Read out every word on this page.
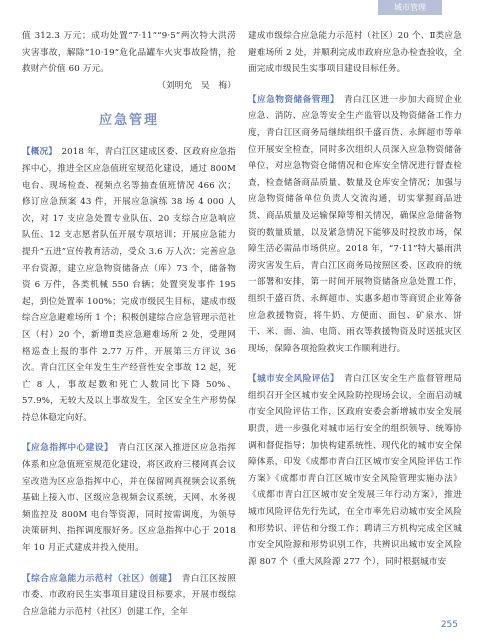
城市管理

值 312.3 万元；成功处置“7·11”“9·5”两次特大洪涝灾害事故，解除“10·19”危化品罐车火灾事故险情，抢救财产价值 60 万元。

（刘明允　吴　梅）

应急管理

【概况】　 2018 年，青白江区建成区委、区政府应急指挥中心，推进全区应急值班室规范化建设，通过 800M 电台、现场检查、视频点名等抽查值班情况 466 次；修订应急预案 43 件，开展应急演练 38 场 4 000 人次，对 17 支应急处置专业队伍、20 支综合应急响应队伍、12 支志愿者队伍开展专项培训；开展应急能力提升“五进”宣传教育活动，受众 3.6 万人次；完善应急平台资源，建立应急物资储备点（库）73 个，储备物资 6 万件，各类机械 550 台辆；处置突发事件 195 起，到位处置率 100%；完成市级民生目标，建成市级综合应急避难场所 1 个；积极创建综合应急管理示范社区（村）20 个，新增Ⅱ类应急避难场所 2 处，受理网格巡查上报的事件 2.77 万件，开展第三方评议 36 次。青白江区全年发生生产经营性安全事故 12 起，死亡 8 人，事故起数和死亡人数同比下降 50%、57.9%，无较大及以上事故发生，全区安全生产形势保持总体稳定向好。

【应急指挥中心建设】　 青白江区深入推进区应急指挥体系和应急值班室规范化建设，将区政府三楼网真会议室改造为区应急指挥中心，并在保留网真视频会议系统基础上接入市、区级应急视频会议系统，天网、水务视频监控及 800M 电台等资源，同时按需调度，为领导决策研判、指挥调度服好务。区应急指挥中心于 2018 年 10 月正式建成并投入使用。

【综合应急能力示范村（社区）创建】　 青白江区按照市委、市政府民生实事项目建设目标要求，开展市级综合应急能力示范村（社区）创建工作，全年

建成市级综合应急能力示范村（社区）20 个、Ⅱ类应急避难场所 2 处，并顺利完成市政府应急办检查验收，全面完成市级民生实事项目建设目标任务。

【应急物资储备管理】　 青白江区进一步加大商贸企业应急、消防、应急等安全生产监管以及物资储备工作力度，青白江区商务局继续组织千盛百货、永辉超市等单位开展安全检查，同时多次组织人员深入应急物资储备单位，对应急物资仓储情况和仓库安全情况进行督查检查，检查储备商品质量、数量及仓库安全情况；加强与应急物资储备单位负责人交流沟通，切实掌握商品进货、商品质量及运输保障等相关情况，确保应急储备物资的数量质量，以及紧急情况下能够及时投放市场，保障生活必需品市场供应。2018 年，“7·11”特大暴雨洪涝灾害发生后，青白江区商务局按照区委、区政府的统一部署和安排，第一时间开展物资储备应急处置工作，组织千盛百货、永辉超市、实惠多超市等商贸企业筹备应急救援物资，将牛奶、方便面、面包、矿泉水、饼干、米、面、油、电筒、雨衣等救援物资及时送抵灾区现场，保障各项抢险救灾工作顺利进行。

【城市安全风险评估】　 青白江区安全生产监督管理局组织召开全区城市安全风险防控现场会议，全面启动城市安全风险评估工作，区政府安委会新增城市安全发展职责，进一步强化对城市运行安全的组织领导、统筹协调和督促指导；加快构建系统性、现代化的城市安全保障体系，印发《成都市青白江区城市安全风险评估工作方案》《成都市青白江区城市安全风险管理实施办法》《成都市青白江区城市安全发展三年行动方案》，推进城市风险评估先行先试，在全市率先启动城市安全风险和形势识、评估和分级工作；聘请三方机构完成全区城市安全风险源和形势识别工作，共辨识出城市安全风险源 807 个（重大风险源 277 个），同时根据城市安

255
